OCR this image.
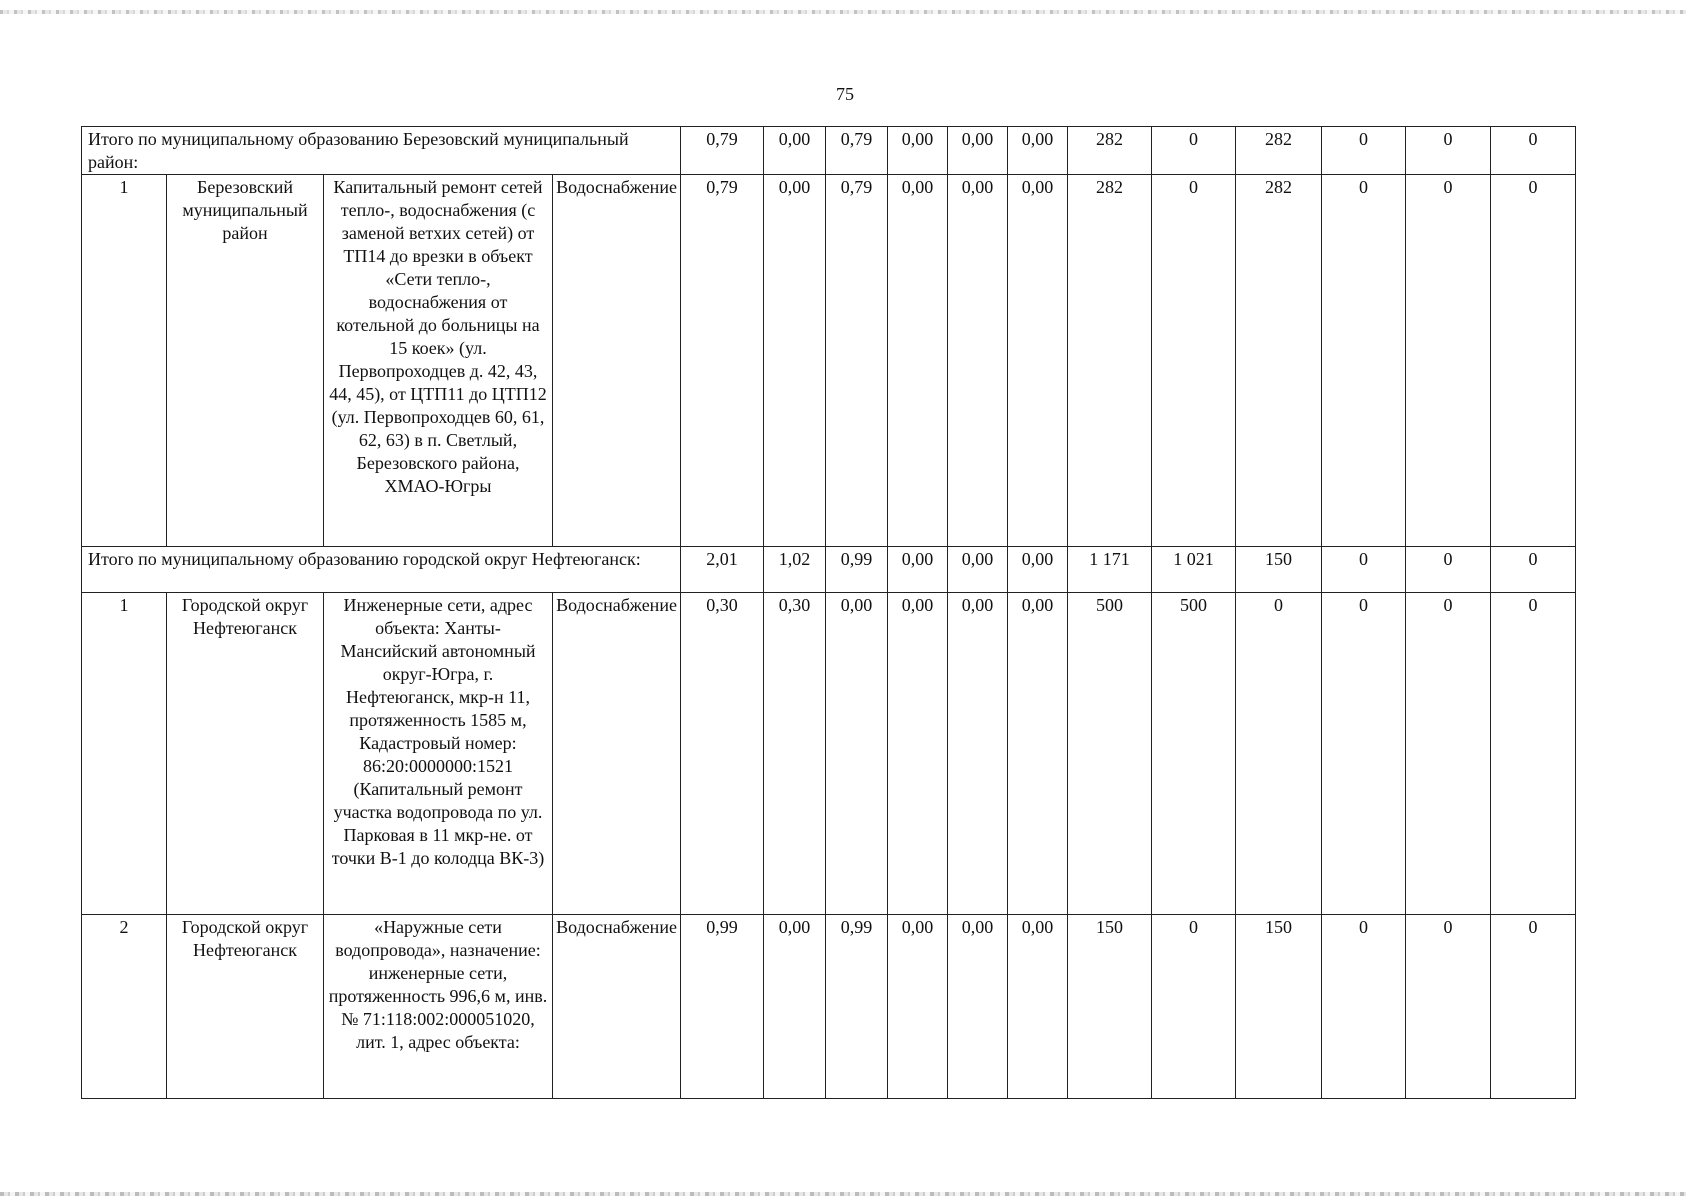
75
Итого по муниципальному образованию Березовский муниципальный район:				0,79	0,00	0,79	0,00	0,00	0,00	282	0	282	0	0	0
1	Березовский муниципальный район	Капитальный ремонт сетей тепло-, водоснабжения (с заменой ветхих сетей) от ТП14 до врезки в объект «Сети тепло-, водоснабжения от котельной до больницы на 15 коек» (ул. Первопроходцев д. 42, 43, 44, 45), от ЦТП11 до ЦТП12 (ул. Первопроходцев 60, 61, 62, 63) в п. Светлый, Березовского района, ХМАО-Югры	Водоснабжение	0,79	0,00	0,79	0,00	0,00	0,00	282	0	282	0	0	0
Итого по муниципальному образованию городской округ Нефтеюганск:				2,01	1,02	0,99	0,00	0,00	0,00	1 171	1 021	150	0	0	0
1	Городской округ Нефтеюганск	Инженерные сети, адрес объекта: Ханты-Мансийский автономный округ-Югра, г. Нефтеюганск, мкр-н 11, протяженность 1585 м, Кадастровый номер: 86:20:0000000:1521 (Капитальный ремонт участка водопровода по ул. Парковая в 11 мкр-не. от точки В-1 до колодца ВК-3)	Водоснабжение	0,30	0,30	0,00	0,00	0,00	0,00	500	500	0	0	0	0
2	Городской округ Нефтеюганск	«Наружные сети водопровода», назначение: инженерные сети, протяженность 996,6 м, инв.№ 71:118:002:000051020, лит. 1, адрес объекта:	Водоснабжение	0,99	0,00	0,99	0,00	0,00	0,00	150	0	150	0	0	0
